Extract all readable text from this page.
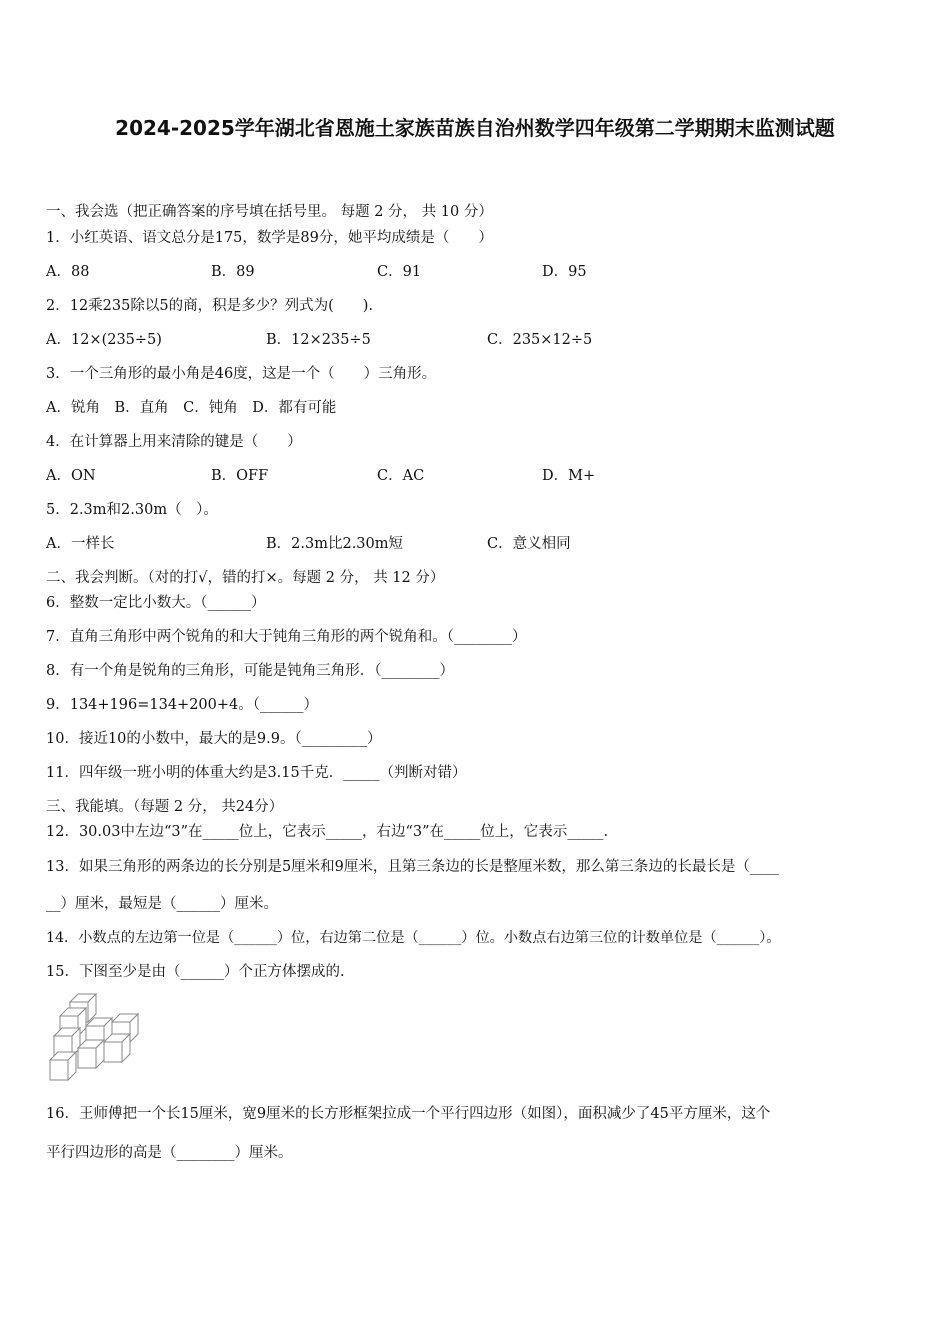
2024-2025学年湖北省恩施土家族苗族自治州数学四年级第二学期期末监测试题
一、我会选（把正确答案的序号填在括号里。 每题 2 分， 共 10 分）
1．小红英语、语文总分是175，数学是89分，她平均成绩是（　　）
A．88	B．89	C．91	D．95
2．12乘235除以5的商，积是多少？列式为(　　).
A．12×(235÷5)	B．12×235÷5	C．235×12÷5
3．一个三角形的最小角是46度，这是一个（　　）三角形。
A．锐角　B．直角　C．钝角　D．都有可能
4．在计算器上用来清除的键是（　　）
A．ON	B．OFF	C．AC	D．M+
5．2.3m和2.30m（　）。
A．一样长	B．2.3m比2.30m短	C．意义相同
二、我会判断。（对的打√，错的打×。每题 2 分， 共 12 分）
6．整数一定比小数大。（______）
7．直角三角形中两个锐角的和大于钝角三角形的两个锐角和。（________）
8．有一个角是锐角的三角形，可能是钝角三角形．（________）
9．134+196=134+200+4。（______）
10．接近10的小数中，最大的是9.9。（_________）
11．四年级一班小明的体重大约是3.15千克．_____（判断对错）
三、我能填。（每题 2 分， 共24分）
12．30.03中左边“3”在_____位上，它表示_____，右边“3”在_____位上，它表示_____.
13．如果三角形的两条边的长分别是5厘米和9厘米，且第三条边的长是整厘米数，那么第三条边的长最长是（____
__）厘米，最短是（______）厘米。
14．小数点的左边第一位是（______）位，右边第二位是（______）位。小数点右边第三位的计数单位是（______）。
15．下图至少是由（______）个正方体摆成的.
16．王师傅把一个长15厘米，宽9厘米的长方形框架拉成一个平行四边形（如图），面积减少了45平方厘米，这个
平行四边形的高是（________）厘米。
